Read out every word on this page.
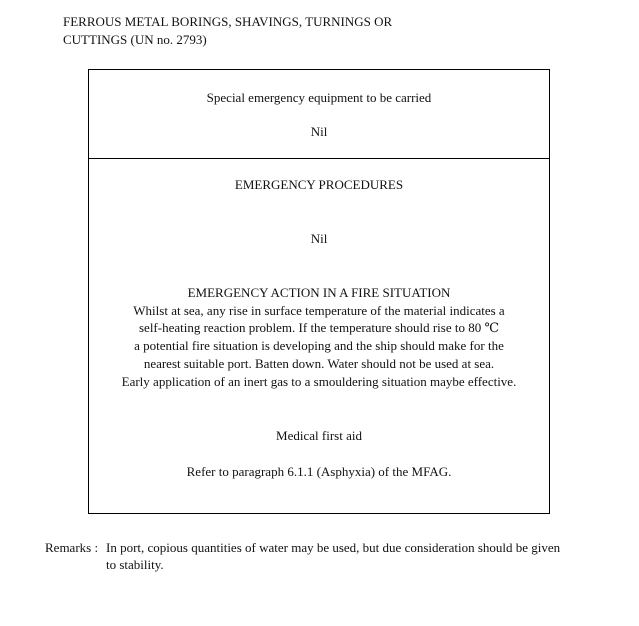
FERROUS METAL BORINGS, SHAVINGS, TURNINGS OR
CUTTINGS (UN no. 2793)
Special emergency equipment to be carried
Nil
EMERGENCY PROCEDURES
Nil
EMERGENCY ACTION IN A FIRE SITUATION
Whilst at sea, any rise in surface temperature of the material indicates a
self-heating reaction problem. If the temperature should rise to 80 ℃
a potential fire situation is developing and the ship should make for the
nearest suitable port. Batten down. Water should not be used at sea.
Early application of an inert gas to a smouldering situation maybe effective.
Medical first aid
Refer to paragraph 6.1.1 (Asphyxia) of the MFAG.
Remarks : In port, copious quantities of water may be used, but due consideration should be given
to stability.
